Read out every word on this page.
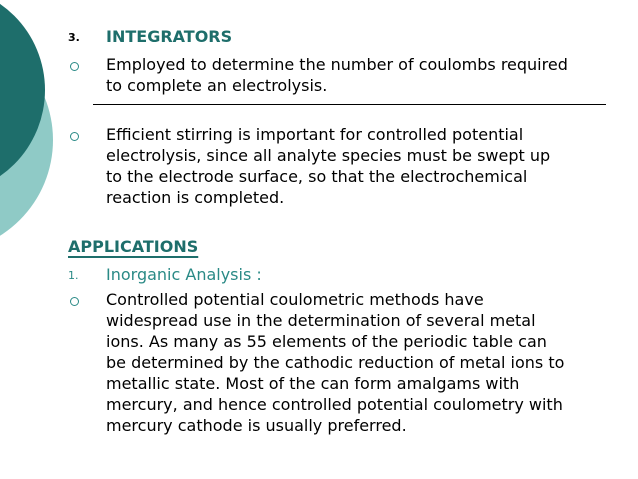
3. INTEGRATORS
Employed to determine the number of coulombs required
to complete an electrolysis.
Efficient stirring is important for controlled potential
electrolysis, since all analyte species must be swept up
to the electrode surface, so that the electrochemical
reaction is completed.
APPLICATIONS
1. Inorganic Analysis :
Controlled potential coulometric methods have
widespread use in the determination of several metal
ions. As many as 55 elements of the periodic table can
be determined by the cathodic reduction of metal ions to
metallic state. Most of the can form amalgams with
mercury, and hence controlled potential coulometry with
mercury cathode is usually preferred.
